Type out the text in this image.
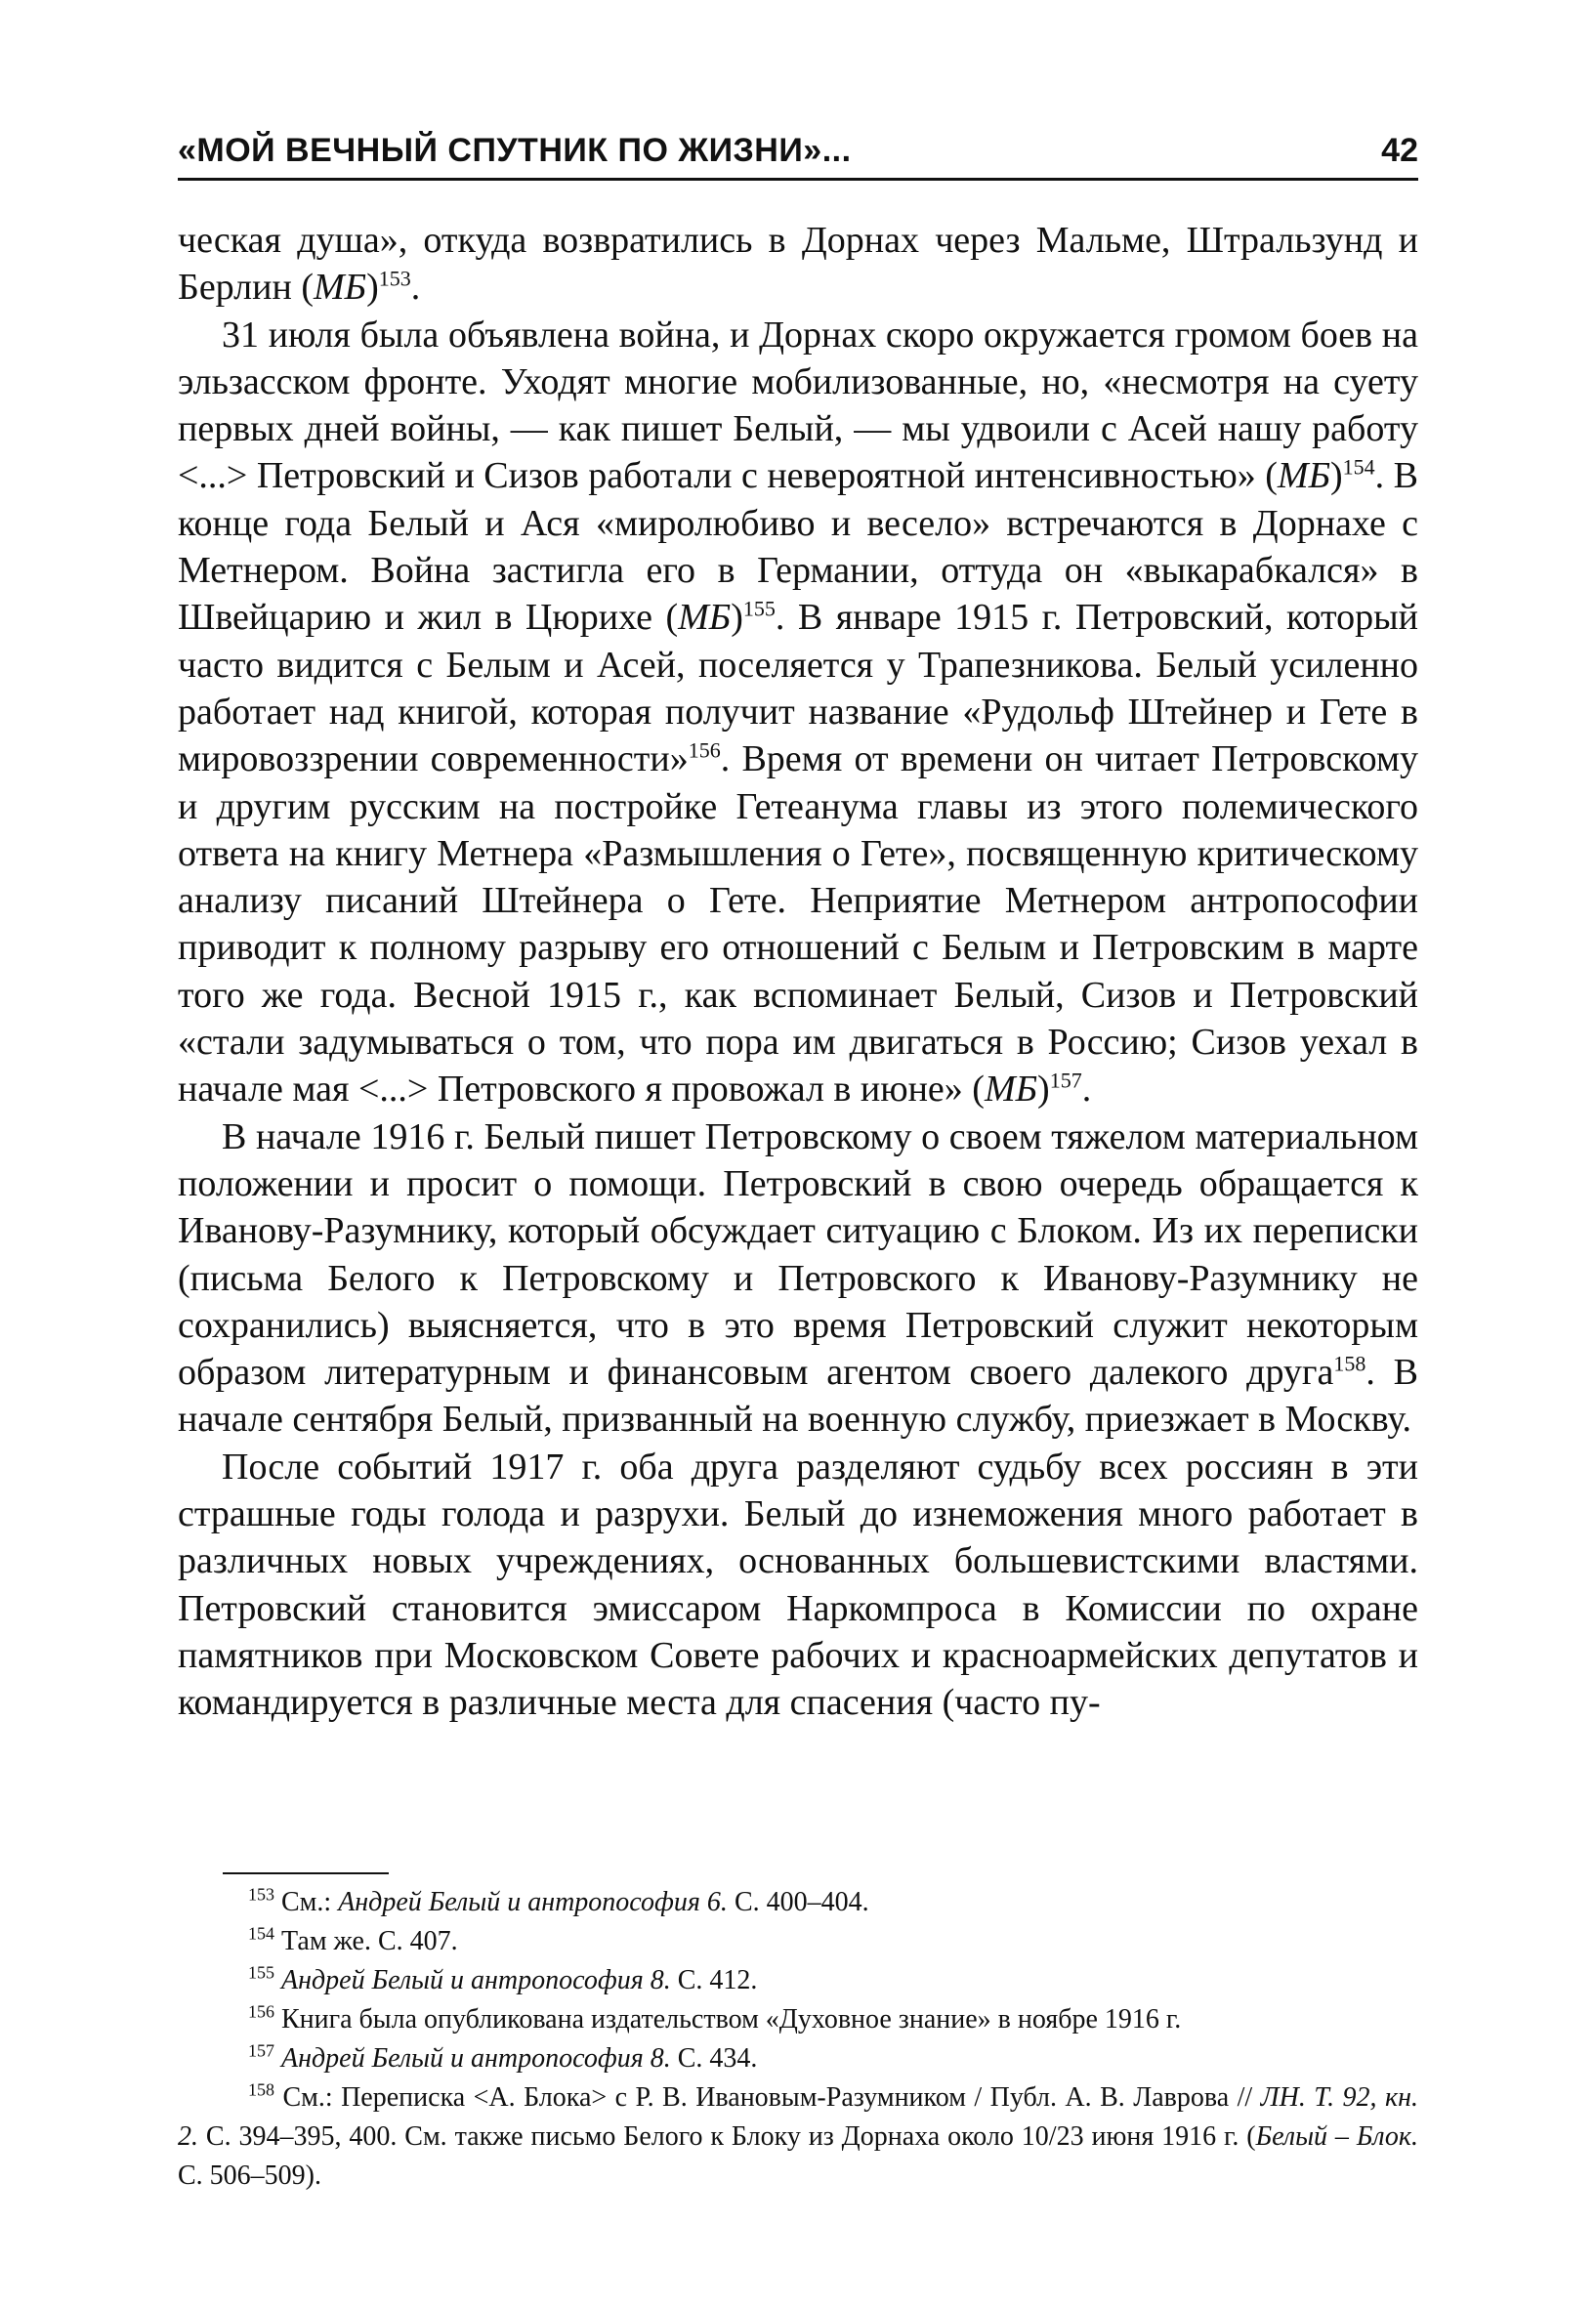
«МОЙ ВЕЧНЫЙ СПУТНИК ПО ЖИЗНИ»...	42

ческая душа», откуда возвратились в Дорнах через Мальме, Штральзунд и Берлин (МБ)$^{153}$.

31 июля была объявлена война, и Дорнах скоро окружается громом боев на эльзасском фронте. Уходят многие мобилизованные, но, «несмотря на суету первых дней войны, — как пишет Белый, — мы удвоили с Асей нашу работу <...> Петровский и Сизов работали с невероятной интенсивностью» (МБ)$^{154}$. В конце года Белый и Ася «миролюбиво и весело» встречаются в Дорнахе с Метнером. Война застигла его в Германии, оттуда он «выкарабкался» в Швейцарию и жил в Цюрихе (МБ)$^{155}$. В январе 1915 г. Петровский, который часто видится с Белым и Асей, поселяется у Трапезникова. Белый усиленно работает над книгой, которая получит название «Рудольф Штейнер и Гете в мировоззрении современности»$^{156}$. Время от времени он читает Петровскому и другим русским на постройке Гетеанума главы из этого полемического ответа на книгу Метнера «Размышления о Гете», посвященную критическому анализу писаний Штейнера о Гете. Неприятие Метнером антропософии приводит к полному разрыву его отношений с Белым и Петровским в марте того же года. Весной 1915 г., как вспоминает Белый, Сизов и Петровский «стали задумываться о том, что пора им двигаться в Россию; Сизов уехал в начале мая <...> Петровского я провожал в июне» (МБ)$^{157}$.

В начале 1916 г. Белый пишет Петровскому о своем тяжелом материальном положении и просит о помощи. Петровский в свою очередь обращается к Иванову-Разумнику, который обсуждает ситуацию с Блоком. Из их переписки (письма Белого к Петровскому и Петровского к Иванову-Разумнику не сохранились) выясняется, что в это время Петровский служит некоторым образом литературным и финансовым агентом своего далекого друга$^{158}$. В начале сентября Белый, призванный на военную службу, приезжает в Москву.

После событий 1917 г. оба друга разделяют судьбу всех россиян в эти страшные годы голода и разрухи. Белый до изнеможения много работает в различных новых учреждениях, основанных большевистскими властями. Петровский становится эмиссаром Наркомпроса в Комиссии по охране памятников при Московском Совете рабочих и красноармейских депутатов и командируется в различные места для спасения (часто пу-

$^{153}$ См.: Андрей Белый и антропософия 6. С. 400–404.

$^{154}$ Там же. С. 407.

$^{155}$ Андрей Белый и антропософия 8. С. 412.

$^{156}$ Книга была опубликована издательством «Духовное знание» в ноябре 1916 г.

$^{157}$ Андрей Белый и антропософия 8. С. 434.

$^{158}$ См.: Переписка <А. Блока> с Р. В. Ивановым-Разумником / Публ. А. В. Лаврова // ЛН. Т. 92, кн. 2. С. 394–395, 400. См. также письмо Белого к Блоку из Дорнаха около 10/23 июня 1916 г. (Белый – Блок. С. 506–509).
